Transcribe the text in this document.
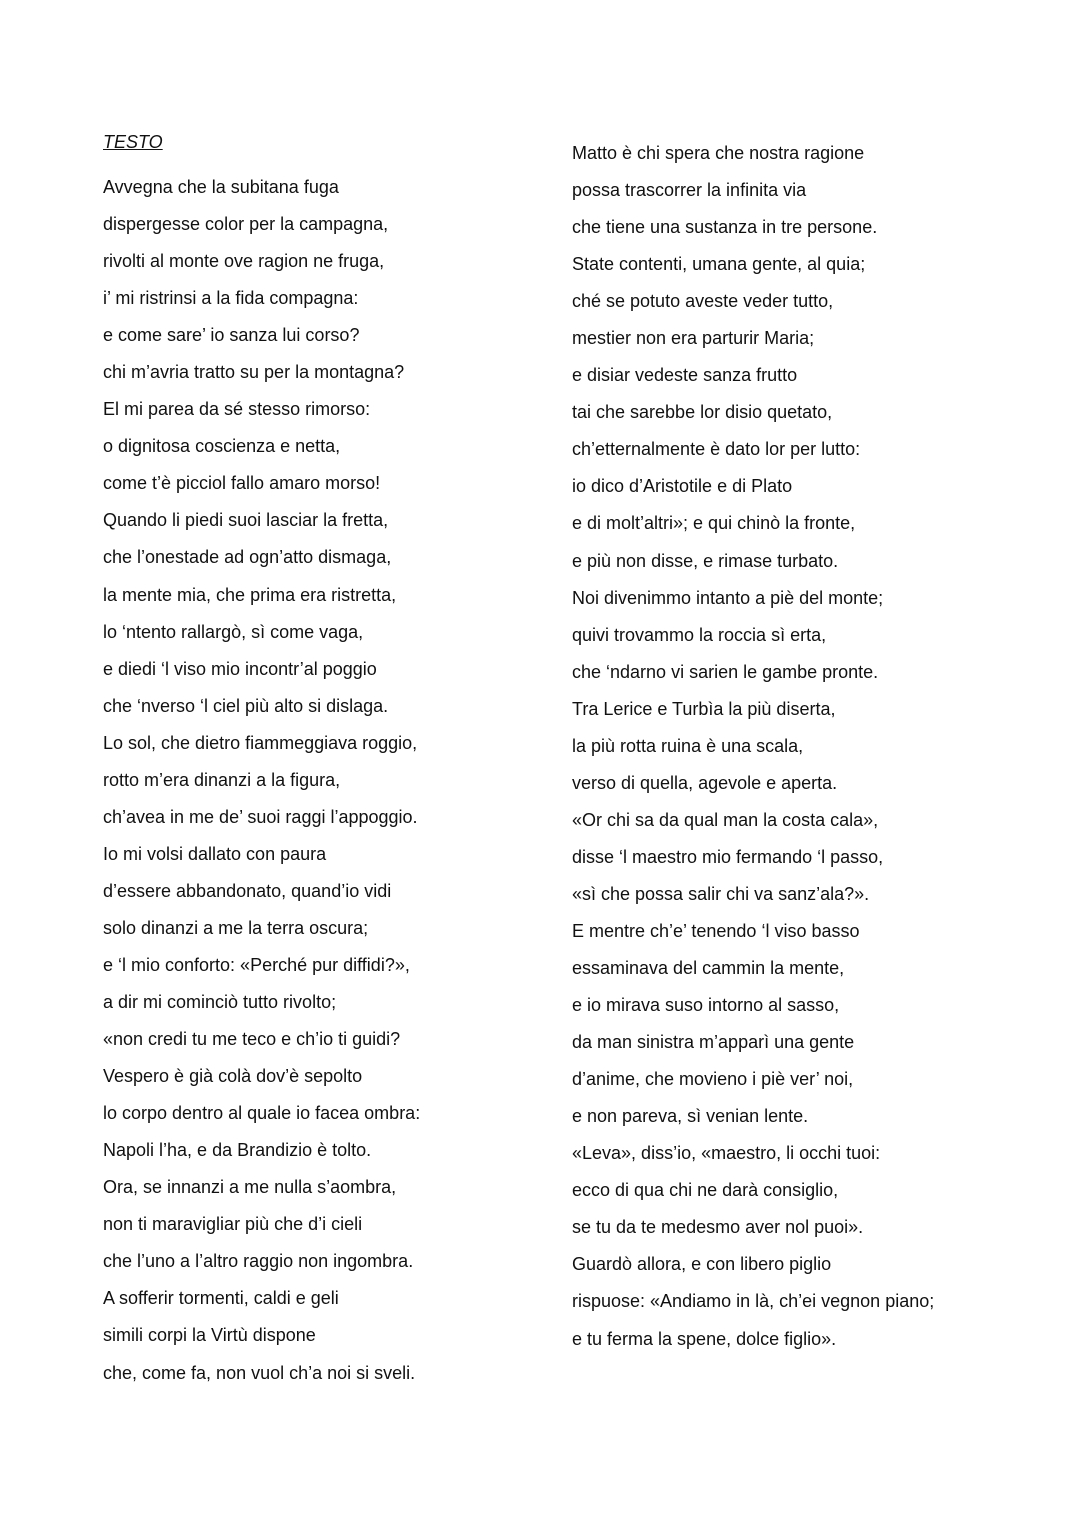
TESTO
Avvegna che la subitana fuga
dispergesse color per la campagna,
rivolti al monte ove ragion ne fruga,
i’ mi ristrinsi a la fida compagna:
e come sare’ io sanza lui corso?
chi m’avria tratto su per la montagna?
El mi parea da sé stesso rimorso:
o dignitosa coscienza e netta,
come t’è picciol fallo amaro morso!
Quando li piedi suoi lasciar la fretta,
che l’onestade ad ogn’atto dismaga,
la mente mia, che prima era ristretta,
lo ‘ntento rallargò, sì come vaga,
e diedi ‘l viso mio incontr’al poggio
che ‘nverso ‘l ciel più alto si dislaga.
Lo sol, che dietro fiammeggiava roggio,
rotto m’era dinanzi a la figura,
ch’avea in me de’ suoi raggi l’appoggio.
Io mi volsi dallato con paura
d’essere abbandonato, quand’io vidi
solo dinanzi a me la terra oscura;
e ‘l mio conforto: «Perché pur diffidi?»,
a dir mi cominciò tutto rivolto;
«non credi tu me teco e ch’io ti guidi?
Vespero è già colà dov’è sepolto
lo corpo dentro al quale io facea ombra:
Napoli l’ha, e da Brandizio è tolto.
Ora, se innanzi a me nulla s’aombra,
non ti maravigliar più che d’i cieli
che l’uno a l’altro raggio non ingombra.
A sofferir tormenti, caldi e geli
simili corpi la Virtù dispone
che, come fa, non vuol ch’a noi si sveli.
Matto è chi spera che nostra ragione
possa trascorrer la infinita via
che tiene una sustanza in tre persone.
State contenti, umana gente, al quia;
ché se potuto aveste veder tutto,
mestier non era parturir Maria;
e disiar vedeste sanza frutto
tai che sarebbe lor disio quetato,
ch’etternalmente è dato lor per lutto:
io dico d’Aristotile e di Plato
e di molt’altri»; e qui chinò la fronte,
e più non disse, e rimase turbato.
Noi divenimmo intanto a piè del monte;
quivi trovammo la roccia sì erta,
che ‘ndarno vi sarien le gambe pronte.
Tra Lerice e Turbìa la più diserta,
la più rotta ruina è una scala,
verso di quella, agevole e aperta.
«Or chi sa da qual man la costa cala»,
disse ‘l maestro mio fermando ‘l passo,
«sì che possa salir chi va sanz’ala?».
E mentre ch’e’ tenendo ‘l viso basso
essaminava del cammin la mente,
e io mirava suso intorno al sasso,
da man sinistra m’apparì una gente
d’anime, che movieno i piè ver’ noi,
e non pareva, sì venian lente.
«Leva», diss’io, «maestro, li occhi tuoi:
ecco di qua chi ne darà consiglio,
se tu da te medesmo aver nol puoi».
Guardò allora, e con libero piglio
rispuose: «Andiamo in là, ch’ei vegnon piano;
e tu ferma la spene, dolce figlio».
